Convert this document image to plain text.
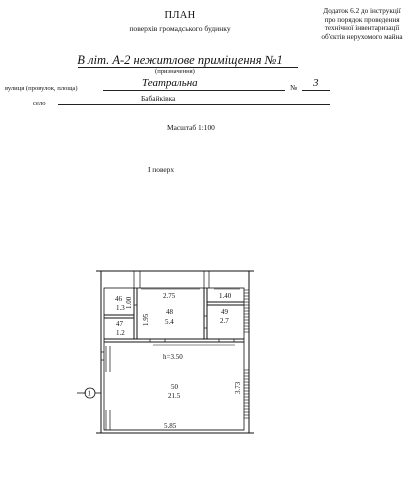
Додаток 6.2 до інструкції
про порядок проведення
технічної інвентаризації
об'єктів нерухомого майна
ПЛАН
поверхів громадського будинку
В літ. А-2 нежитлове приміщення №1
(призначення)
вулиця (провулок, площа)	Театральна	№ 3
село
Бабайківка
Масштаб 1:100
І поверх
1
2.75	1.40
46
1.3 1.00
47
1.2
1.95
48
5.4
49
2.7
h=3.50
50
21.5
3.73
5.85
